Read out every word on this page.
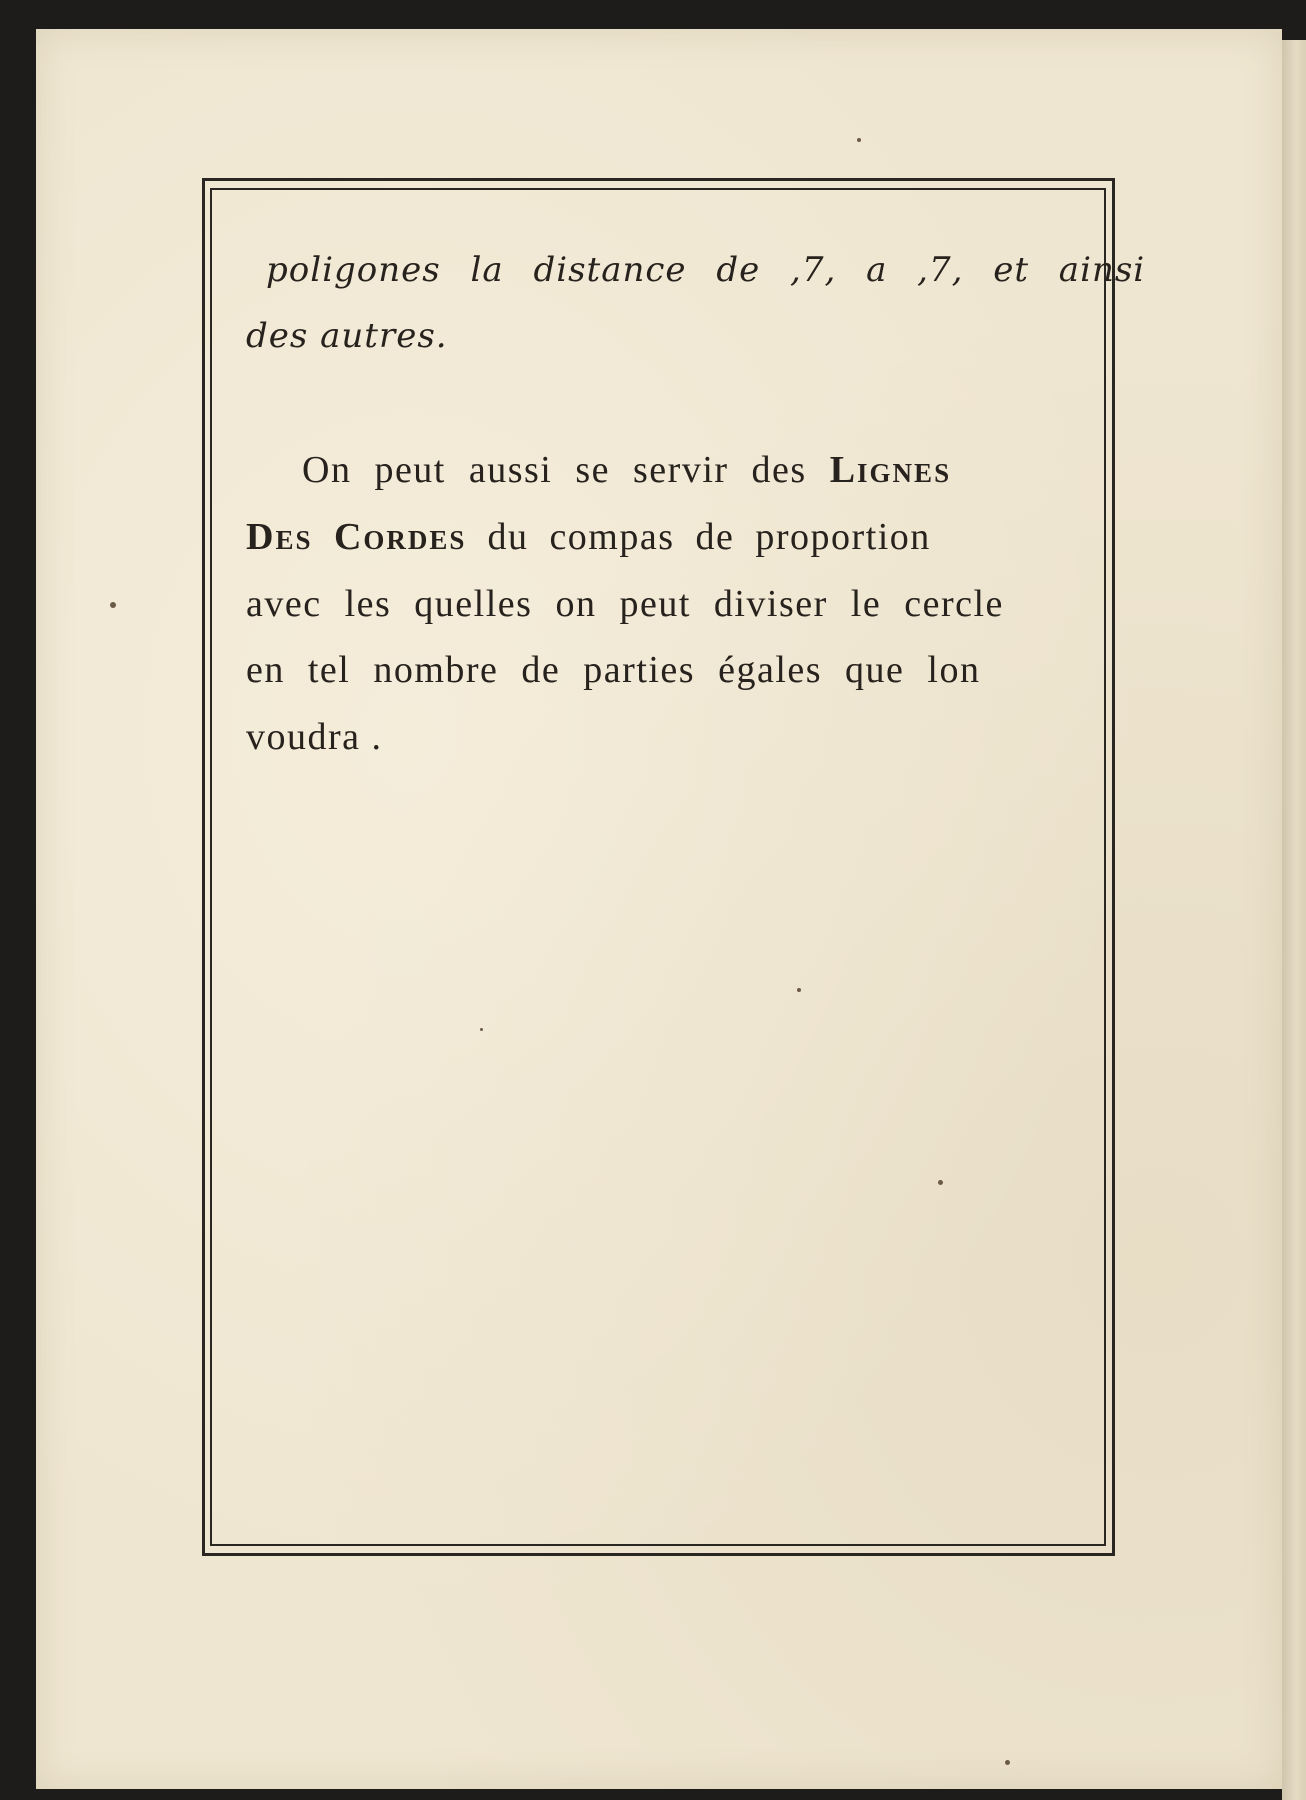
poligones la distance de ,7, a ,7, et ainsi
des autres.
On peut aussi se servir des Lignes
Des Cordes du compas de proportion
avec les quelles on peut diviser le cercle
en tel nombre de parties égales que lon
voudra .
